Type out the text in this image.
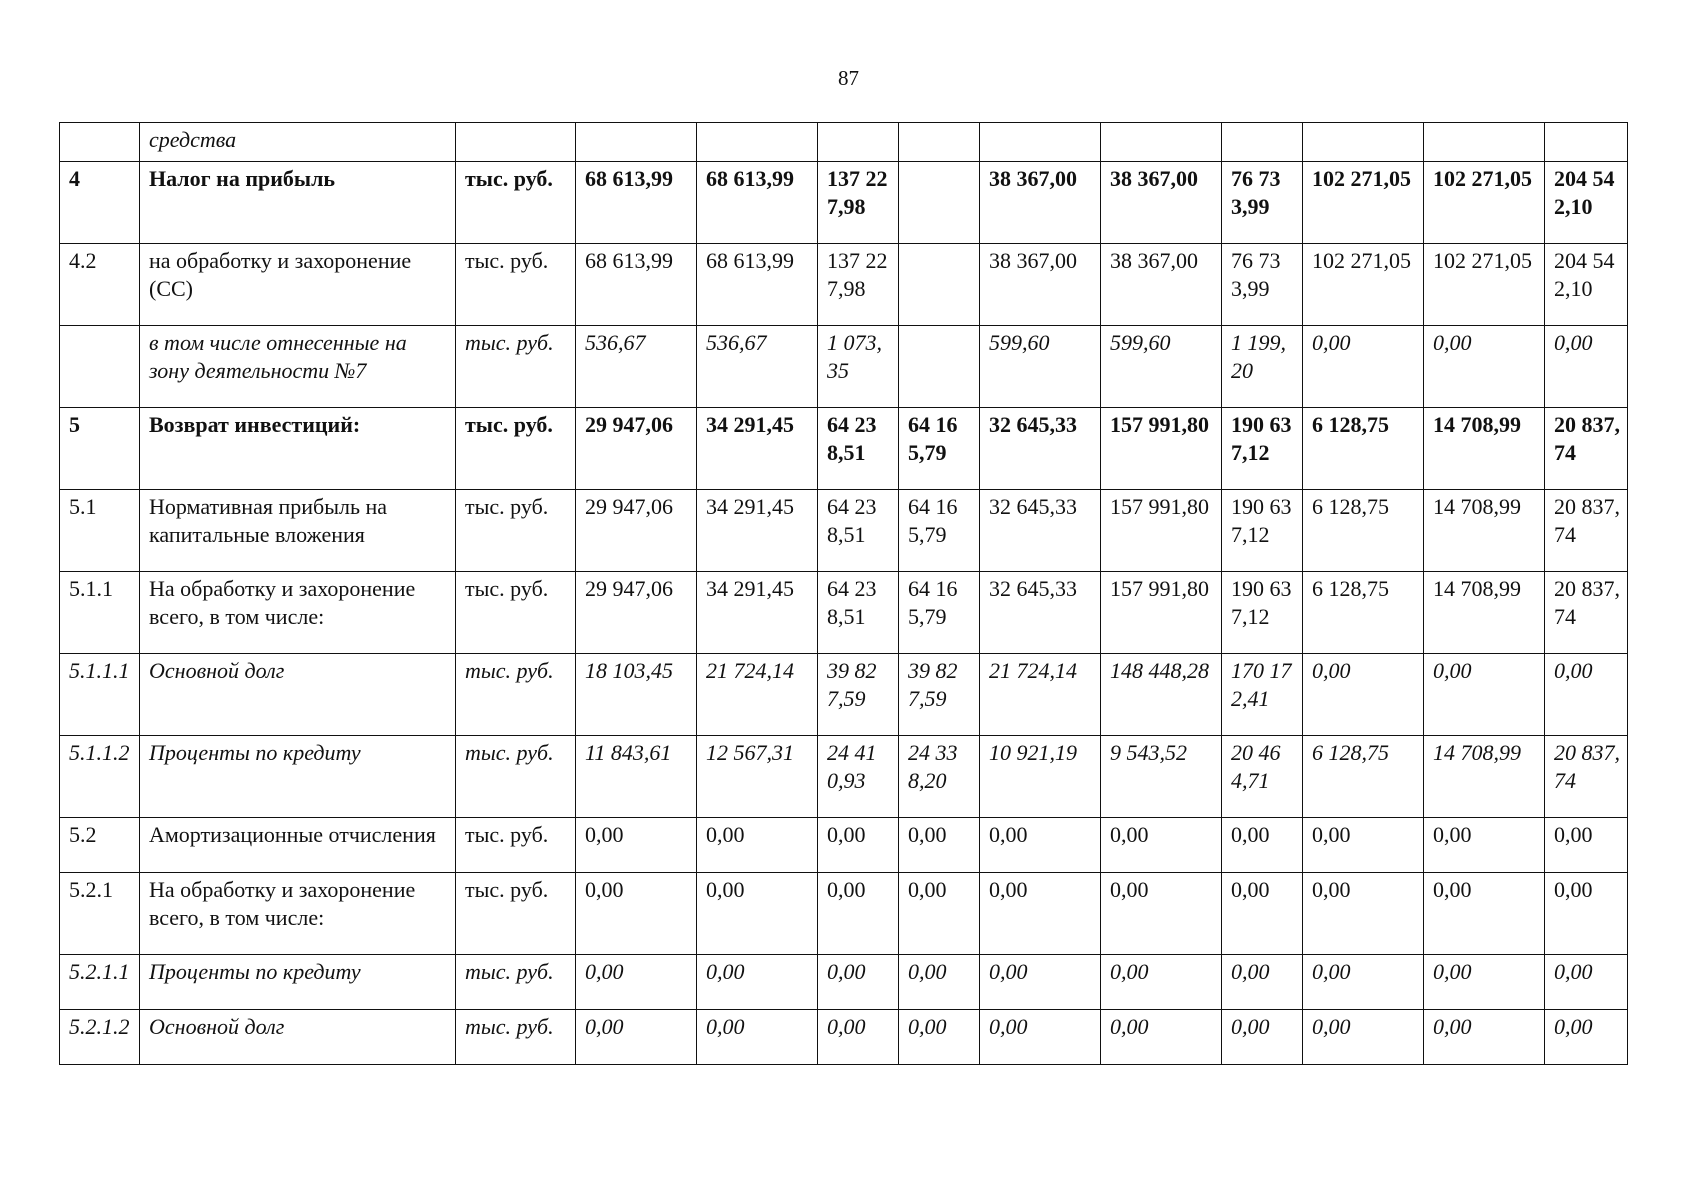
87
	средства											
4	Налог на прибыль	тыс. руб.	68 613,99	68 613,99	137 227,98		38 367,00	38 367,00	76 733,99	102 271,05	102 271,05	204 542,10
4.2	на обработку и захоронение (СС)	тыс. руб.	68 613,99	68 613,99	137 227,98		38 367,00	38 367,00	76 733,99	102 271,05	102 271,05	204 542,10
	в том числе отнесенные на зону деятельности №7	тыс. руб.	536,67	536,67	1 073,35		599,60	599,60	1 199,20	0,00	0,00	0,00
5	Возврат инвестиций:	тыс. руб.	29 947,06	34 291,45	64 238,51	64 165,79	32 645,33	157 991,80	190 637,12	6 128,75	14 708,99	20 837,74
5.1	Нормативная прибыль на капитальные вложения	тыс. руб.	29 947,06	34 291,45	64 238,51	64 165,79	32 645,33	157 991,80	190 637,12	6 128,75	14 708,99	20 837,74
5.1.1	На обработку и захоронение всего, в том числе:	тыс. руб.	29 947,06	34 291,45	64 238,51	64 165,79	32 645,33	157 991,80	190 637,12	6 128,75	14 708,99	20 837,74
5.1.1.1	Основной долг	тыс. руб.	18 103,45	21 724,14	39 827,59	39 827,59	21 724,14	148 448,28	170 172,41	0,00	0,00	0,00
5.1.1.2	Проценты по кредиту	тыс. руб.	11 843,61	12 567,31	24 410,93	24 338,20	10 921,19	9 543,52	20 464,71	6 128,75	14 708,99	20 837,74
5.2	Амортизационные отчисления	тыс. руб.	0,00	0,00	0,00	0,00	0,00	0,00	0,00	0,00	0,00	0,00
5.2.1	На обработку и захоронение всего, в том числе:	тыс. руб.	0,00	0,00	0,00	0,00	0,00	0,00	0,00	0,00	0,00	0,00
5.2.1.1	Проценты по кредиту	тыс. руб.	0,00	0,00	0,00	0,00	0,00	0,00	0,00	0,00	0,00	0,00
5.2.1.2	Основной долг	тыс. руб.	0,00	0,00	0,00	0,00	0,00	0,00	0,00	0,00	0,00	0,00
